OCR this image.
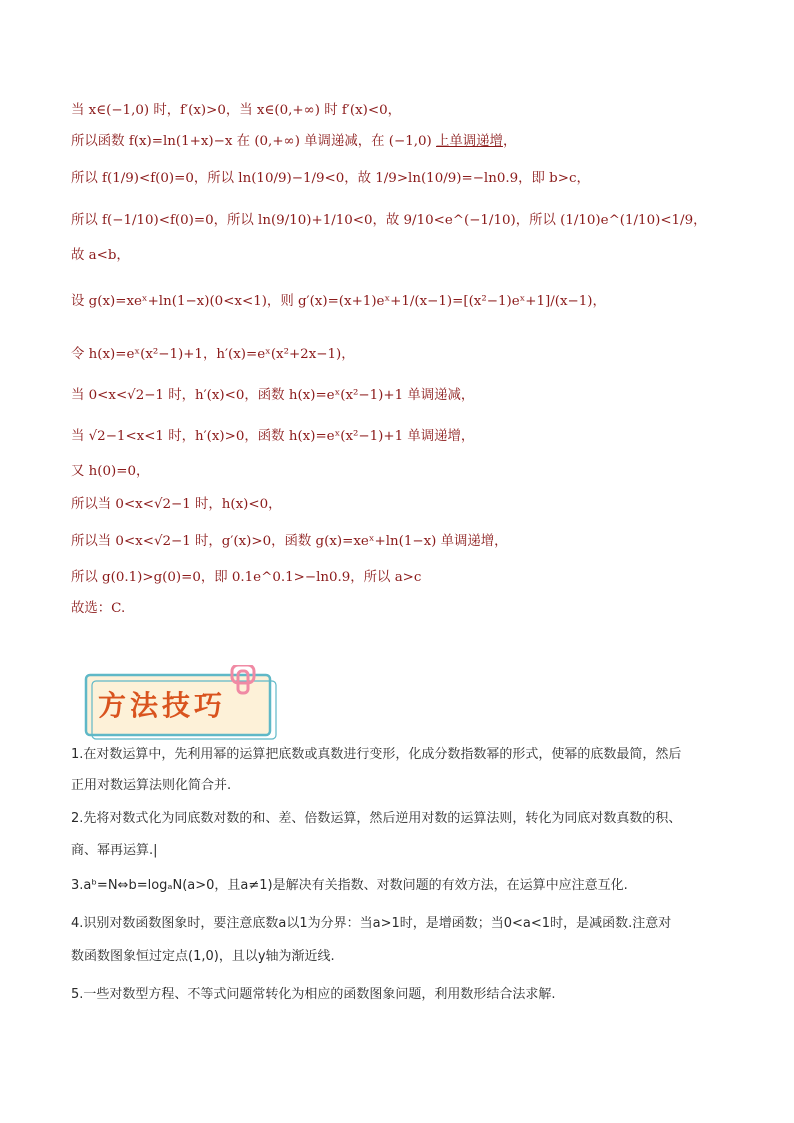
当 x∈(−1,0) 时，f′(x)>0，当 x∈(0,+∞) 时 f′(x)<0，
所以函数 f(x)=ln(1+x)−x 在 (0,+∞) 单调递减，在 (−1,0) 上单调递增，
所以 f(1/9)<f(0)=0，所以 ln(10/9)−1/9<0，故 1/9>ln(10/9)=−ln0.9，即 b>c，
所以 f(−1/10)<f(0)=0，所以 ln(9/10)+1/10<0，故 9/10<e^(−1/10)，所以 (1/10)e^(1/10)<1/9，
故 a<b，
设 g(x)=xeˣ+ln(1−x)(0<x<1)，则 g′(x)=(x+1)eˣ+1/(x−1)=[(x²−1)eˣ+1]/(x−1)，
令 h(x)=eˣ(x²−1)+1，h′(x)=eˣ(x²+2x−1)，
当 0<x<√2−1 时，h′(x)<0，函数 h(x)=eˣ(x²−1)+1 单调递减，
当 √2−1<x<1 时，h′(x)>0，函数 h(x)=eˣ(x²−1)+1 单调递增，
又 h(0)=0，
所以当 0<x<√2−1 时，h(x)<0，
所以当 0<x<√2−1 时，g′(x)>0，函数 g(x)=xeˣ+ln(1−x) 单调递增，
所以 g(0.1)>g(0)=0，即 0.1e^0.1>−ln0.9，所以 a>c
故选：C.
方法技巧
1.在对数运算中，先利用幂的运算把底数或真数进行变形，化成分数指数幂的形式，使幂的底数最简，然后
正用对数运算法则化简合并.
2.先将对数式化为同底数对数的和、差、倍数运算，然后逆用对数的运算法则，转化为同底对数真数的积、
商、幂再运算.|
3.aᵇ=N⇔b=logₐN(a>0，且a≠1)是解决有关指数、对数问题的有效方法，在运算中应注意互化.
4.识别对数函数图象时，要注意底数a以1为分界：当a>1时，是增函数；当0<a<1时，是减函数.注意对
数函数图象恒过定点(1,0)，且以y轴为渐近线.
5.一些对数型方程、不等式问题常转化为相应的函数图象问题，利用数形结合法求解.
